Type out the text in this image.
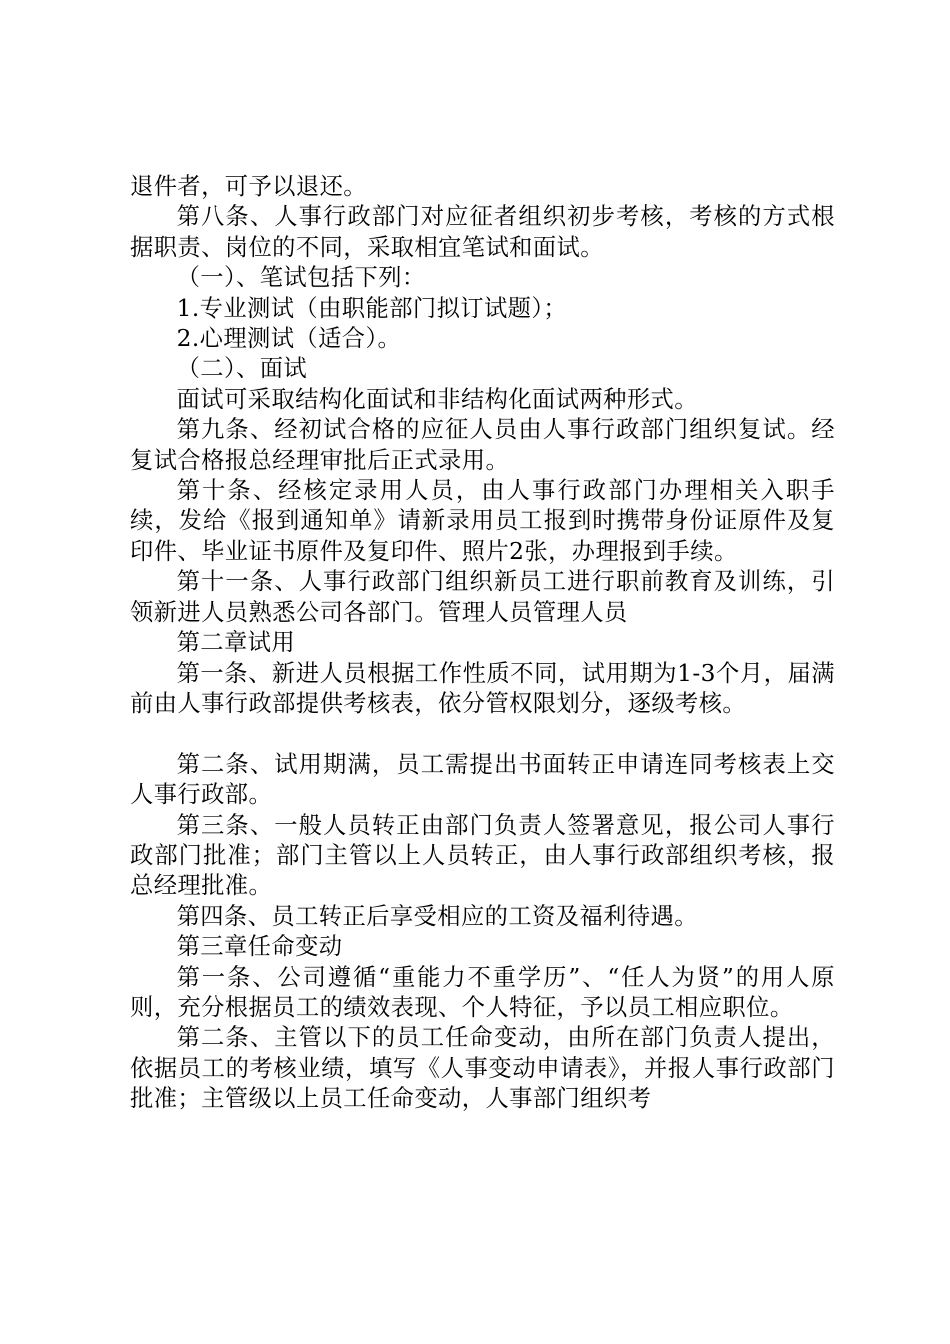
退件者，可予以退还。

第八条、人事行政部门对应征者组织初步考核，考核的方式根据职责、岗位的不同，采取相宜笔试和面试。

（一）、笔试包括下列：

1.专业测试（由职能部门拟订试题）；

2.心理测试（适合）。

（二）、面试

面试可采取结构化面试和非结构化面试两种形式。

第九条、经初试合格的应征人员由人事行政部门组织复试。经复试合格报总经理审批后正式录用。

第十条、经核定录用人员，由人事行政部门办理相关入职手续，发给《报到通知单》请新录用员工报到时携带身份证原件及复印件、毕业证书原件及复印件、照片2张，办理报到手续。

第十一条、人事行政部门组织新员工进行职前教育及训练，引领新进人员熟悉公司各部门。管理人员管理人员

第二章试用

第一条、新进人员根据工作性质不同，试用期为1-3个月，届满前由人事行政部提供考核表，依分管权限划分，逐级考核。

第二条、试用期满，员工需提出书面转正申请连同考核表上交人事行政部。

第三条、一般人员转正由部门负责人签署意见，报公司人事行政部门批准；部门主管以上人员转正，由人事行政部组织考核，报总经理批准。

第四条、员工转正后享受相应的工资及福利待遇。

第三章任命变动

第一条、公司遵循“重能力不重学历”、“任人为贤”的用人原则，充分根据员工的绩效表现、个人特征，予以员工相应职位。

第二条、主管以下的员工任命变动，由所在部门负责人提出，依据员工的考核业绩，填写《人事变动申请表》，并报人事行政部门批准；主管级以上员工任命变动，人事部门组织考
